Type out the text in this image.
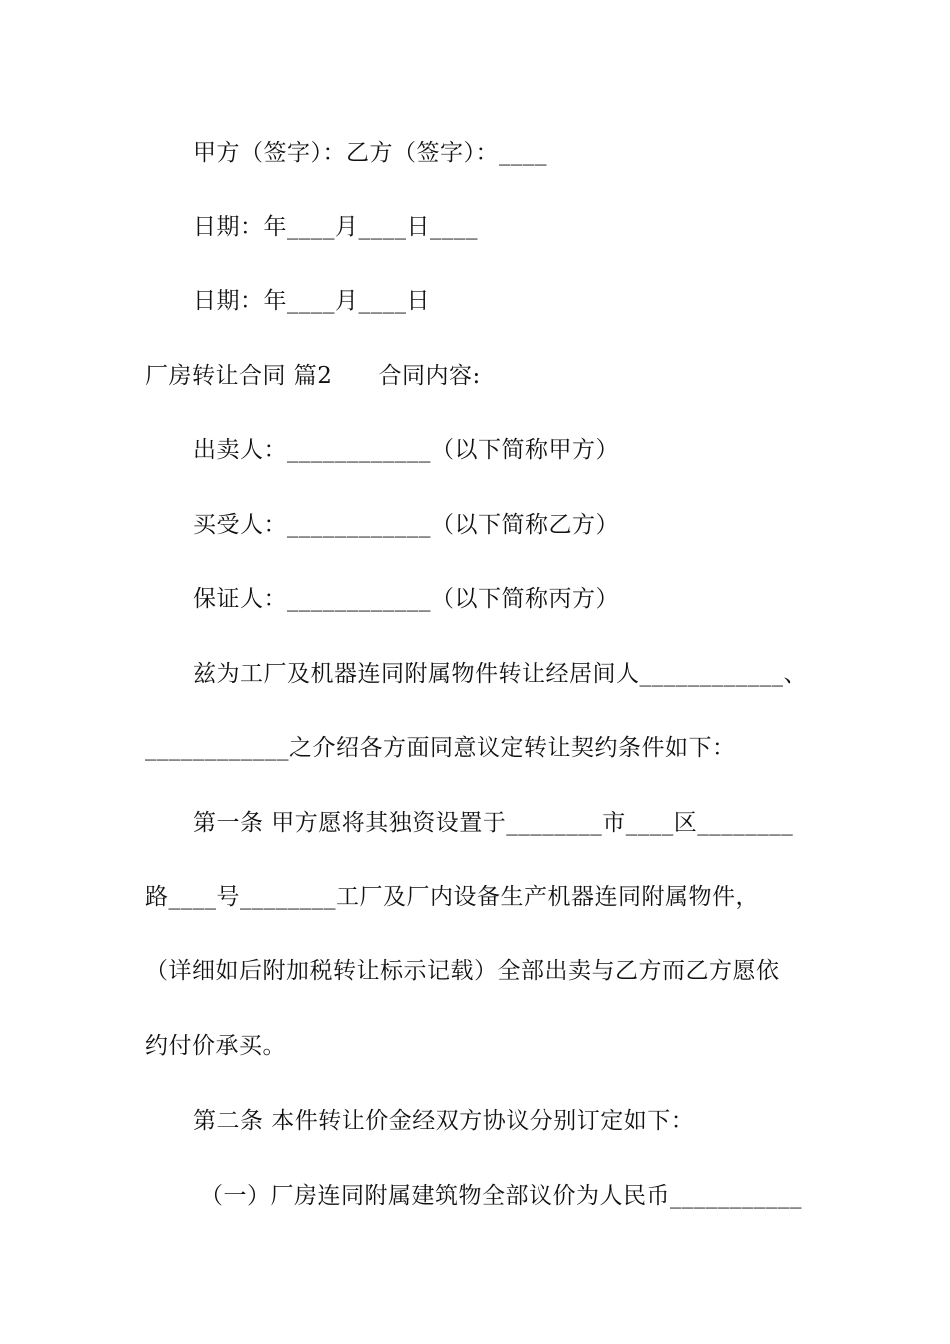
甲方（签字）：乙方（签字）：____
日期：年____月____日____
日期：年____月____日
厂房转让合同 篇2 合同内容:
出卖人：____________（以下简称甲方）
买受人：____________（以下简称乙方）
保证人：____________（以下简称丙方）
兹为工厂及机器连同附属物件转让经居间人____________、
____________之介绍各方面同意议定转让契约条件如下：
第一条 甲方愿将其独资设置于________市____区________
路____号________工厂及厂内设备生产机器连同附属物件，
（详细如后附加税转让标示记载）全部出卖与乙方而乙方愿依
约付价承买。
第二条 本件转让价金经双方协议分别订定如下：
（一）厂房连同附属建筑物全部议价为人民币___________
